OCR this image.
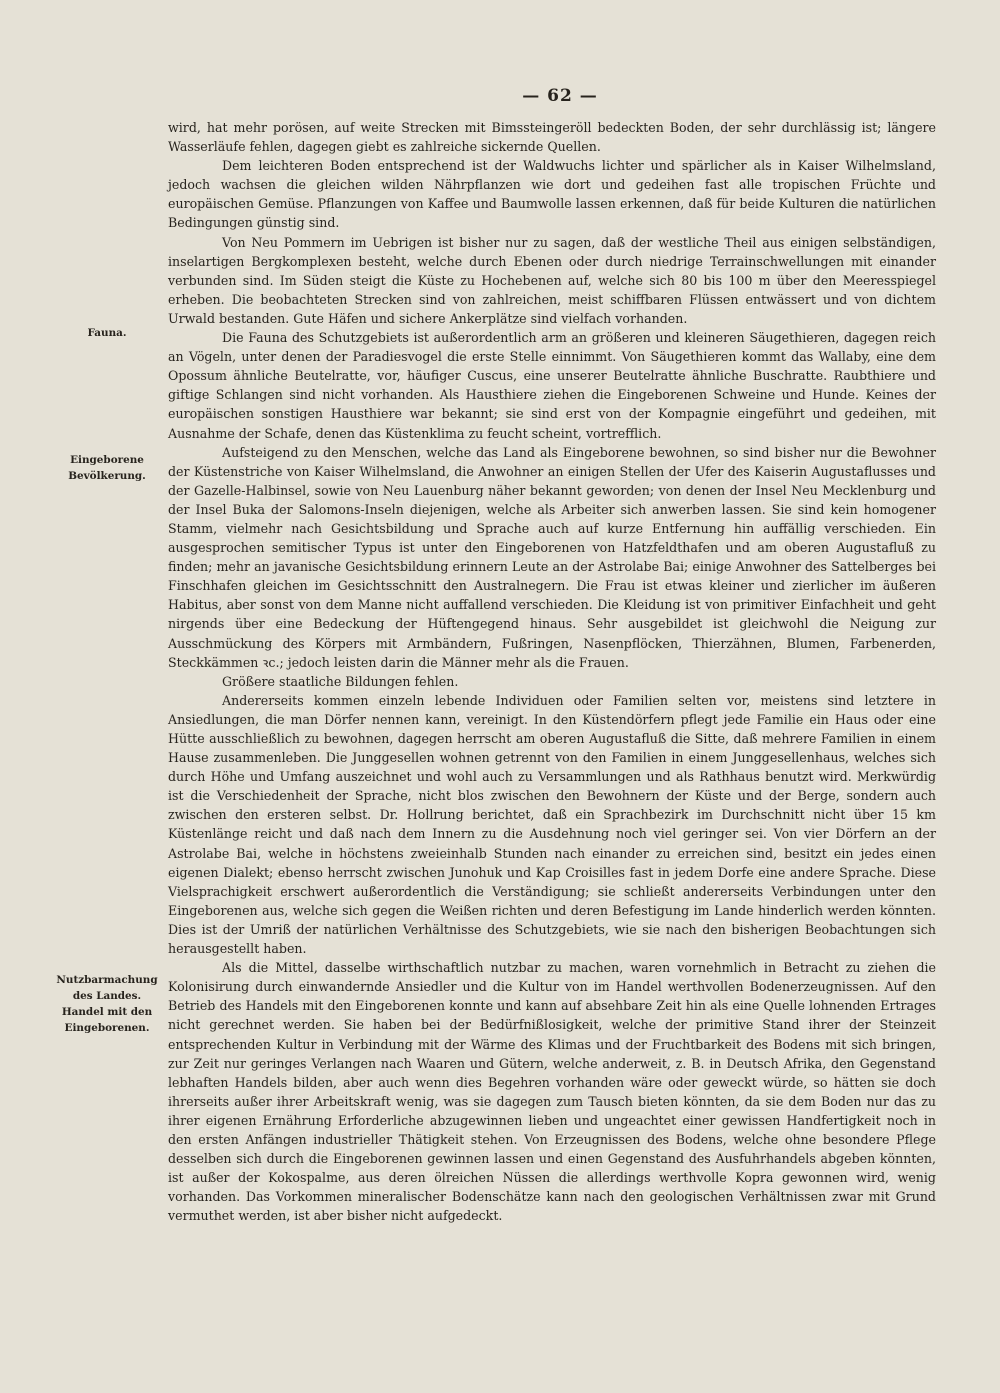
— 62 —
Fauna.
Eingeborene
Bevölkerung.
Nutzbarmachung
des Landes.
Handel mit den
Eingeborenen.

wird, hat mehr porösen, auf weite Strecken mit Bimssteingeröll bedeckten Boden, der sehr durchlässig ist; längere Wasserläufe fehlen, dagegen giebt es zahlreiche sickernde Quellen.

Dem leichteren Boden entsprechend ist der Waldwuchs lichter und spärlicher als in Kaiser Wilhelmsland, jedoch wachsen die gleichen wilden Nährpflanzen wie dort und gedeihen fast alle tropischen Früchte und europäischen Gemüse. Pflanzungen von Kaffee und Baumwolle lassen erkennen, daß für beide Kulturen die natürlichen Bedingungen günstig sind.

Von Neu Pommern im Uebrigen ist bisher nur zu sagen, daß der westliche Theil aus einigen selbständigen, inselartigen Bergkomplexen besteht, welche durch Ebenen oder durch niedrige Terrainschwellungen mit einander verbunden sind. Im Süden steigt die Küste zu Hochebenen auf, welche sich 80 bis 100 m über den Meeresspiegel erheben. Die beobachteten Strecken sind von zahlreichen, meist schiffbaren Flüssen entwässert und von dichtem Urwald bestanden. Gute Häfen und sichere Ankerplätze sind vielfach vorhanden.

Die Fauna des Schutzgebiets ist außerordentlich arm an größeren und kleineren Säugethieren, dagegen reich an Vögeln, unter denen der Paradiesvogel die erste Stelle einnimmt. Von Säugethieren kommt das Wallaby, eine dem Opossum ähnliche Beutelratte, vor, häufiger Cuscus, eine unserer Beutelratte ähnliche Buschratte. Raubthiere und giftige Schlangen sind nicht vorhanden. Als Hausthiere ziehen die Eingeborenen Schweine und Hunde. Keines der europäischen sonstigen Hausthiere war bekannt; sie sind erst von der Kompagnie eingeführt und gedeihen, mit Ausnahme der Schafe, denen das Küstenklima zu feucht scheint, vortrefflich.

Aufsteigend zu den Menschen, welche das Land als Eingeborene bewohnen, so sind bisher nur die Bewohner der Küstenstriche von Kaiser Wilhelmsland, die Anwohner an einigen Stellen der Ufer des Kaiserin Augustaflusses und der Gazelle-Halbinsel, sowie von Neu Lauenburg näher bekannt geworden; von denen der Insel Neu Mecklenburg und der Insel Buka der Salomons-Inseln diejenigen, welche als Arbeiter sich anwerben lassen. Sie sind kein homogener Stamm, vielmehr nach Gesichtsbildung und Sprache auch auf kurze Entfernung hin auffällig verschieden. Ein ausgesprochen semitischer Typus ist unter den Eingeborenen von Hatzfeldthafen und am oberen Augustafluß zu finden; mehr an javanische Gesichtsbildung erinnern Leute an der Astrolabe Bai; einige Anwohner des Sattelberges bei Finschhafen gleichen im Gesichtsschnitt den Australnegern. Die Frau ist etwas kleiner und zierlicher im äußeren Habitus, aber sonst von dem Manne nicht auffallend verschieden. Die Kleidung ist von primitiver Einfachheit und geht nirgends über eine Bedeckung der Hüftengegend hinaus. Sehr ausgebildet ist gleichwohl die Neigung zur Ausschmückung des Körpers mit Armbändern, Fußringen, Nasenpflöcken, Thierzähnen, Blumen, Farbenerden, Steckkämmen ꝛc.; jedoch leisten darin die Männer mehr als die Frauen.

Größere staatliche Bildungen fehlen.

Andererseits kommen einzeln lebende Individuen oder Familien selten vor, meistens sind letztere in Ansiedlungen, die man Dörfer nennen kann, vereinigt. In den Küstendörfern pflegt jede Familie ein Haus oder eine Hütte ausschließlich zu bewohnen, dagegen herrscht am oberen Augustafluß die Sitte, daß mehrere Familien in einem Hause zusammenleben. Die Junggesellen wohnen getrennt von den Familien in einem Junggesellenhaus, welches sich durch Höhe und Umfang auszeichnet und wohl auch zu Versammlungen und als Rathhaus benutzt wird. Merkwürdig ist die Verschiedenheit der Sprache, nicht blos zwischen den Bewohnern der Küste und der Berge, sondern auch zwischen den ersteren selbst. Dr. Hollrung berichtet, daß ein Sprachbezirk im Durchschnitt nicht über 15 km Küstenlänge reicht und daß nach dem Innern zu die Ausdehnung noch viel geringer sei. Von vier Dörfern an der Astrolabe Bai, welche in höchstens zweieinhalb Stunden nach einander zu erreichen sind, besitzt ein jedes einen eigenen Dialekt; ebenso herrscht zwischen Junohuk und Kap Croisilles fast in jedem Dorfe eine andere Sprache. Diese Vielsprachigkeit erschwert außerordentlich die Verständigung; sie schließt andererseits Verbindungen unter den Eingeborenen aus, welche sich gegen die Weißen richten und deren Befestigung im Lande hinderlich werden könnten. Dies ist der Umriß der natürlichen Verhältnisse des Schutzgebiets, wie sie nach den bisherigen Beobachtungen sich herausgestellt haben.

Als die Mittel, dasselbe wirthschaftlich nutzbar zu machen, waren vornehmlich in Betracht zu ziehen die Kolonisirung durch einwandernde Ansiedler und die Kultur von im Handel werthvollen Bodenerzeugnissen. Auf den Betrieb des Handels mit den Eingeborenen konnte und kann auf absehbare Zeit hin als eine Quelle lohnenden Ertrages nicht gerechnet werden. Sie haben bei der Bedürfnißlosigkeit, welche der primitive Stand ihrer der Steinzeit entsprechenden Kultur in Verbindung mit der Wärme des Klimas und der Fruchtbarkeit des Bodens mit sich bringen, zur Zeit nur geringes Verlangen nach Waaren und Gütern, welche anderweit, z. B. in Deutsch Afrika, den Gegenstand lebhaften Handels bilden, aber auch wenn dies Begehren vorhanden wäre oder geweckt würde, so hätten sie doch ihrerseits außer ihrer Arbeitskraft wenig, was sie dagegen zum Tausch bieten könnten, da sie dem Boden nur das zu ihrer eigenen Ernährung Erforderliche abzugewinnen lieben und ungeachtet einer gewissen Handfertigkeit noch in den ersten Anfängen industrieller Thätigkeit stehen. Von Erzeugnissen des Bodens, welche ohne besondere Pflege desselben sich durch die Eingeborenen gewinnen lassen und einen Gegenstand des Ausfuhrhandels abgeben könnten, ist außer der Kokospalme, aus deren ölreichen Nüssen die allerdings werthvolle Kopra gewonnen wird, wenig vorhanden. Das Vorkommen mineralischer Bodenschätze kann nach den geologischen Verhältnissen zwar mit Grund vermuthet werden, ist aber bisher nicht aufgedeckt.
